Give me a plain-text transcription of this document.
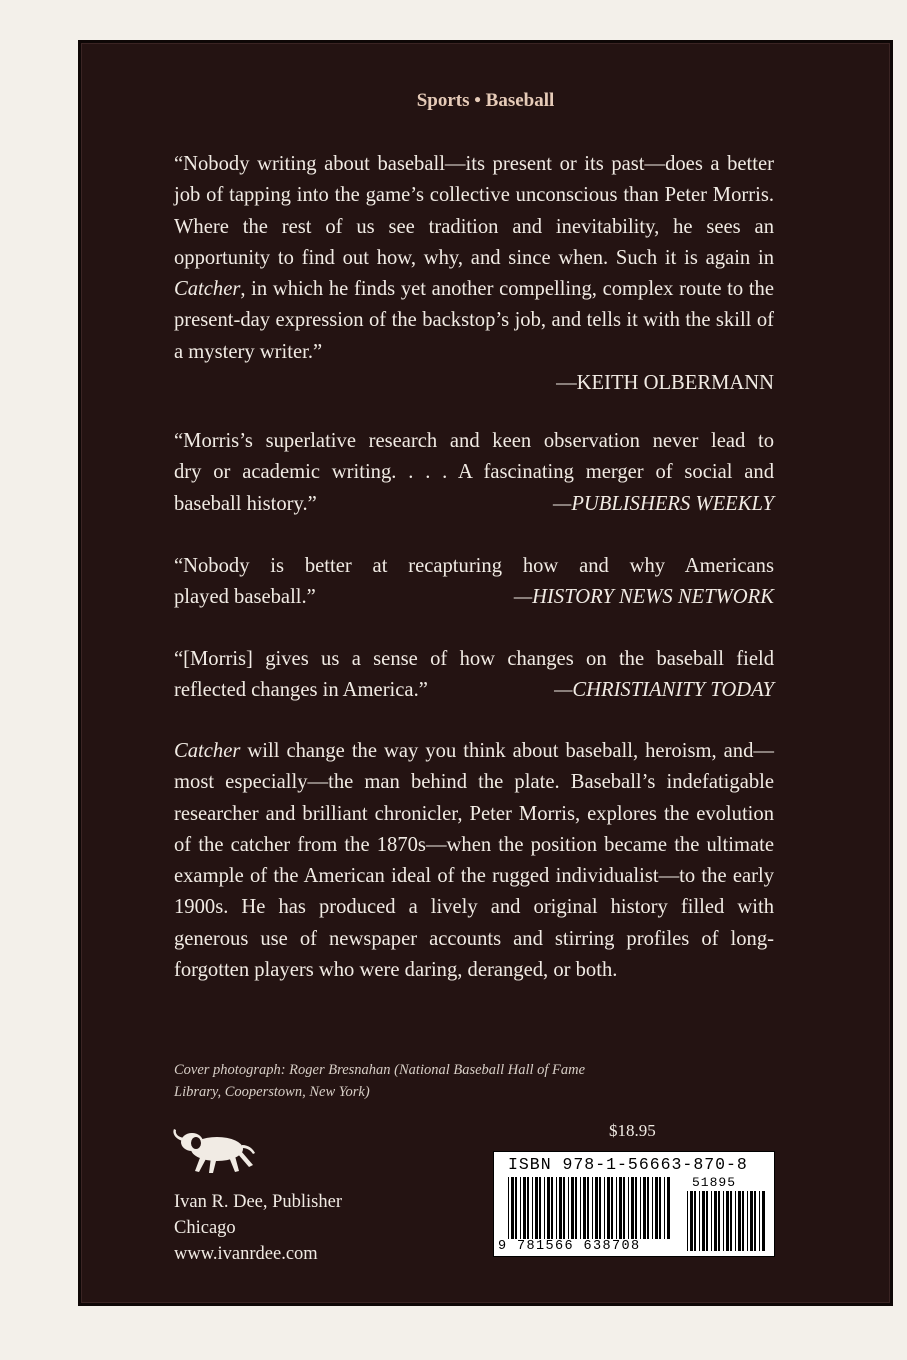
Sports • Baseball

“Nobody writing about baseball—its present or its past—does a better job of tapping into the game’s collective unconscious than Peter Morris. Where the rest of us see tradition and inevitability, he sees an opportunity to find out how, why, and since when. Such it is again in Catcher, in which he finds yet another compelling, complex route to the present-day expression of the backstop’s job, and tells it with the skill of a mystery writer.”

—KEITH OLBERMANN
“Morris’s superlative research and keen observation never lead to
dry or academic writing. . . . A fascinating merger of social and
baseball history.”	—PUBLISHERS WEEKLY
“Nobody is better at recapturing how and why Americans
played baseball.”	—HISTORY NEWS NETWORK
“[Morris] gives us a sense of how changes on the baseball field
reflected changes in America.”	—CHRISTIANITY TODAY

Catcher will change the way you think about baseball, heroism, and—most especially—the man behind the plate. Baseball’s indefatigable researcher and brilliant chronicler, Peter Morris, explores the evolution of the catcher from the 1870s—when the position became the ultimate example of the American ideal of the rugged individualist—to the early 1900s. He has produced a lively and original history filled with generous use of newspaper accounts and stirring profiles of long-forgotten players who were daring, deranged, or both.

Cover photograph: Roger Bresnahan (National Baseball Hall of Fame Library, Cooperstown, New York)
$18.95
Ivan R. Dee, Publisher
Chicago
www.ivanrdee.com
ISBN 978-1-56663-870-8
51895
9 781566 638708
